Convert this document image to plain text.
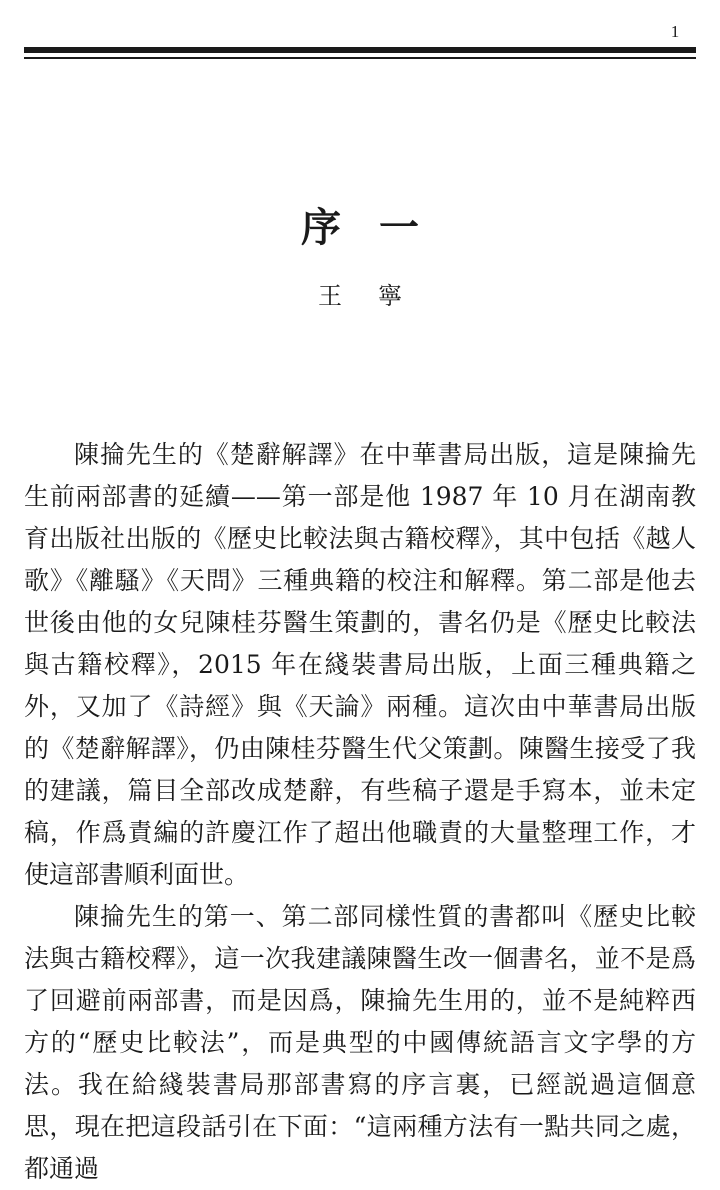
1
序一
王寧

陳掄先生的《楚辭解譯》在中華書局出版，這是陳掄先生前兩部書的延續——第一部是他 1987 年 10 月在湖南教育出版社出版的《歷史比較法與古籍校釋》，其中包括《越人歌》《離騷》《天問》三種典籍的校注和解釋。第二部是他去世後由他的女兒陳桂芬醫生策劃的，書名仍是《歷史比較法與古籍校釋》，2015 年在綫裝書局出版，上面三種典籍之外，又加了《詩經》與《天論》兩種。這次由中華書局出版的《楚辭解譯》，仍由陳桂芬醫生代父策劃。陳醫生接受了我的建議，篇目全部改成楚辭，有些稿子還是手寫本，並未定稿，作爲責編的許慶江作了超出他職責的大量整理工作，才使這部書順利面世。

陳掄先生的第一、第二部同樣性質的書都叫《歷史比較法與古籍校釋》，這一次我建議陳醫生改一個書名，並不是爲了回避前兩部書，而是因爲，陳掄先生用的，並不是純粹西方的“歷史比較法”，而是典型的中國傳統語言文字學的方法。我在給綫裝書局那部書寫的序言裏，已經説過這個意思，現在把這段話引在下面：“這兩種方法有一點共同之處，都通過
